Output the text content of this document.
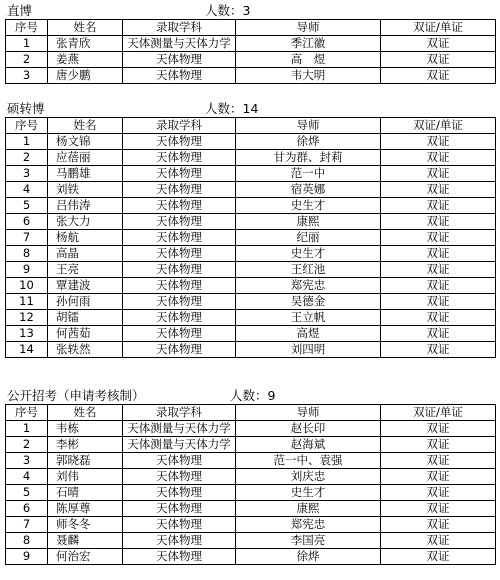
直博	人数：3
序号	姓名	录取学科	导师	双证/单证
1	张青欣	天体测量与天体力学	季江徽	双证
2	姜燕	天体物理	高　煜	双证
3	唐少鹏	天体物理	韦大明	双证
硕转博	人数：14
序号	姓名	录取学科	导师	双证/单证
1	杨文锦	天体物理	徐烨	双证
2	应蓓丽	天体物理	甘为群、封莉	双证
3	马鹏雄	天体物理	范一中	双证
4	刘铁	天体物理	宿英娜	双证
5	吕伟涛	天体物理	史生才	双证
6	张大力	天体物理	康熙	双证
7	杨航	天体物理	纪丽	双证
8	高晶	天体物理	史生才	双证
9	王亮	天体物理	王红池	双证
10	覃建波	天体物理	郑宪忠	双证
11	孙何雨	天体物理	吴德金	双证
12	胡镭	天体物理	王立帆	双证
13	何茜茹	天体物理	高煜	双证
14	张轶然	天体物理	刘四明	双证
公开招考（申请考核制）	人数：9
序号	姓名	录取学科	导师	双证/单证
1	韦栋	天体测量与天体力学	赵长印	双证
2	李彬	天体测量与天体力学	赵海斌	双证
3	郭晓磊	天体物理	范一中、袁强	双证
4	刘伟	天体物理	刘庆忠	双证
5	石晴	天体物理	史生才	双证
6	陈厚尊	天体物理	康熙	双证
7	师冬冬	天体物理	郑宪忠	双证
8	聂麟	天体物理	李国亮	双证
9	何治宏	天体物理	徐烨	双证
